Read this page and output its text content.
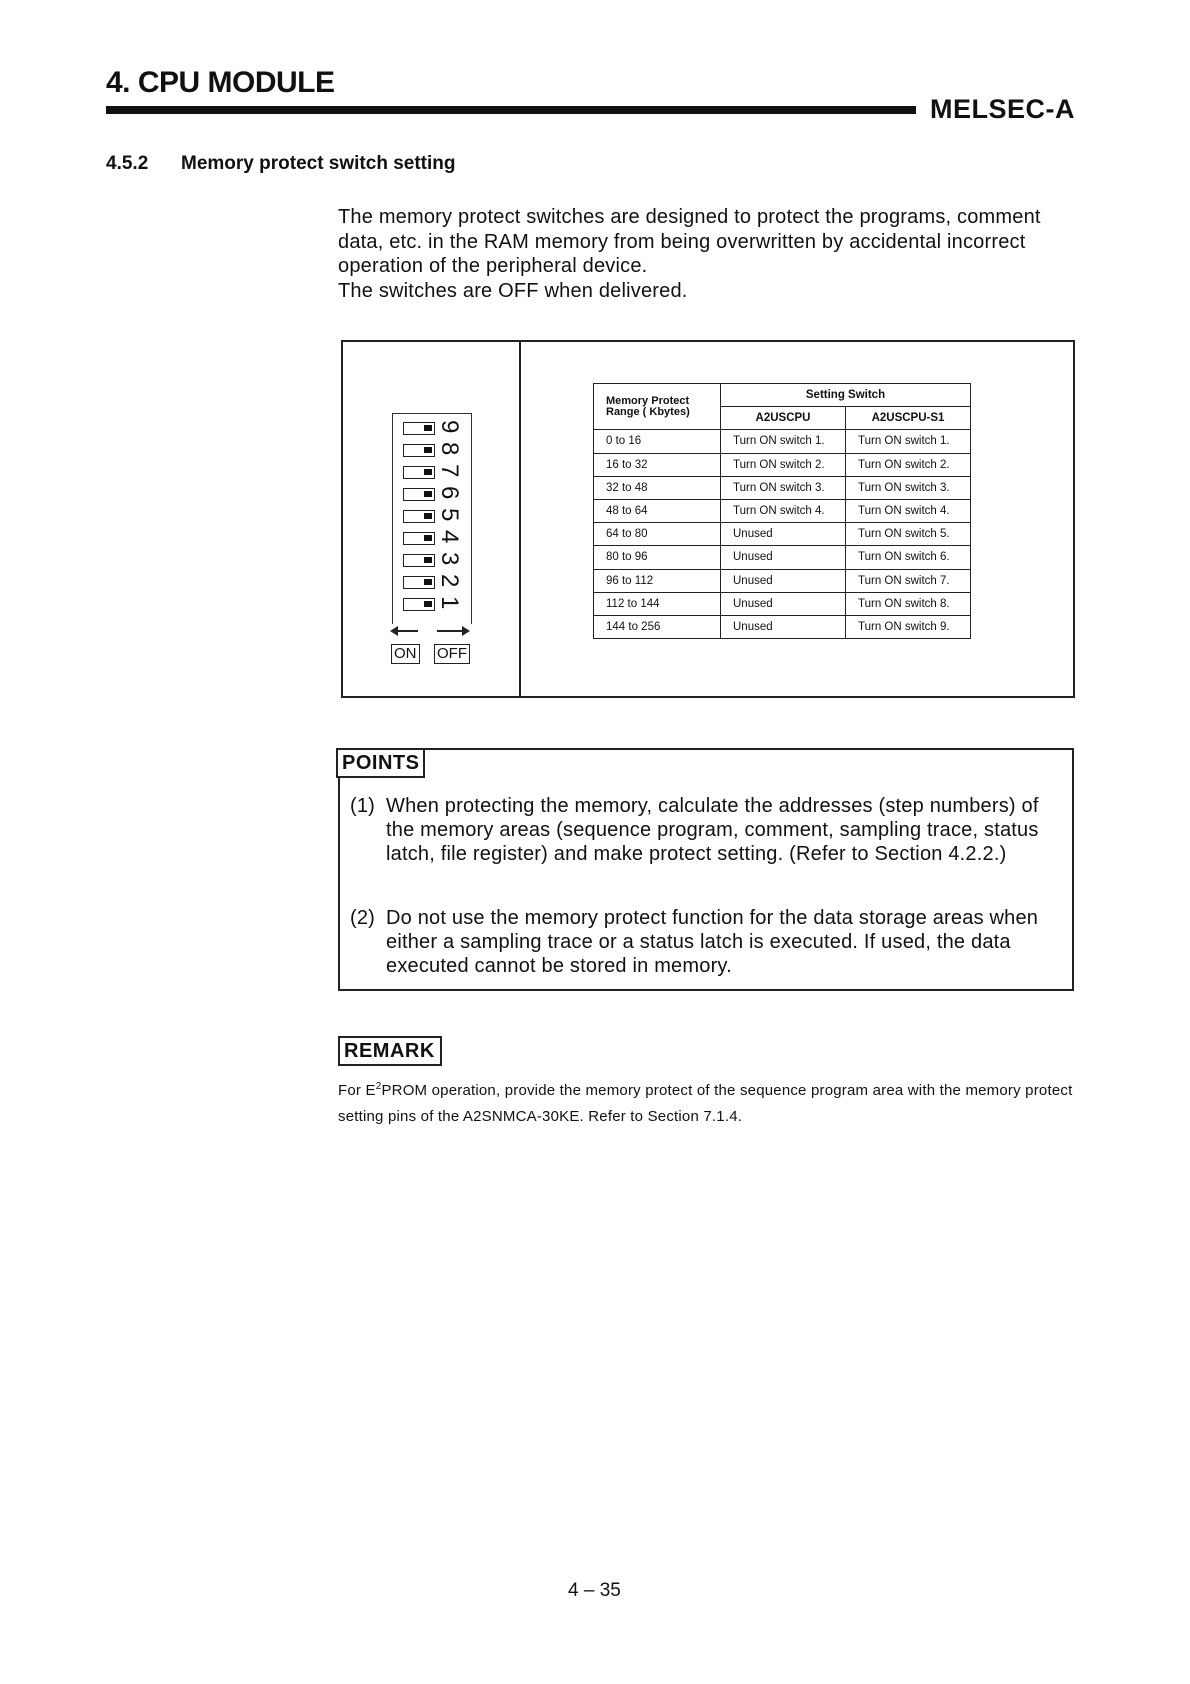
4. CPU MODULE
MELSEC-A
4.5.2 Memory protect switch setting

The memory protect switches are designed to protect the programs, comment

data, etc. in the RAM memory from being overwritten by accidental incorrect

operation of the peripheral device.

The switches are OFF when delivered.

9
8
7
6
5
4
3
2
1
ON OFF
Memory Protect
Range ( Kbytes)	Setting Switch	
	A2USCPU	A2USCPU-S1
0 to 16	Turn ON switch 1.	Turn ON switch 1.
16 to 32	Turn ON switch 2.	Turn ON switch 2.
32 to 48	Turn ON switch 3.	Turn ON switch 3.
48 to 64	Turn ON switch 4.	Turn ON switch 4.
64 to 80	Unused	Turn ON switch 5.
80 to 96	Unused	Turn ON switch 6.
96 to 112	Unused	Turn ON switch 7.
112 to 144	Unused	Turn ON switch 8.
144 to 256	Unused	Turn ON switch 9.
POINTS
(1) When protecting the memory, calculate the addresses (step numbers) of the memory areas (sequence program, comment, sampling trace, status latch, file register) and make protect setting. (Refer to Section 4.2.2.)
(2) Do not use the memory protect function for the data storage areas when either a sampling trace or a status latch is executed. If used, the data executed cannot be stored in memory.
REMARK
For $E^2PROM$ operation, provide the memory protect of the sequence program area with the memory protect setting pins of the A2SNMCA-30KE. Refer to Section 7.1.4.
4 – 35
